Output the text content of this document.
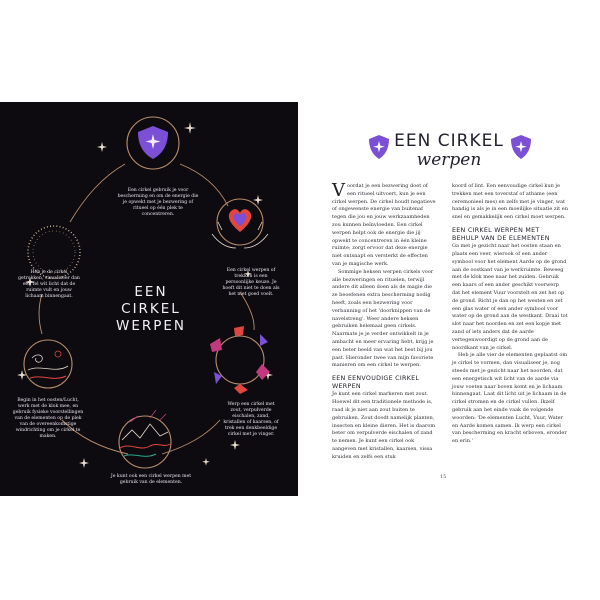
Een cirkel gebruik je voor bescherming en om de energie die je opwekt met je bezwering of ritueel op één plek te concentreren.
Een cirkel werpen of trekken is een persoonlijke keuze. Je hoeft dit niet te doen als het niet goed voelt.
Werp een cirkel met zout, verpulverde eischalen, zand, kristallen of kaarsen, of trek een denkbeeldige cirkel met je vinger.
Je kunt ook een cirkel werpen met gebruik van de elementen.
Begin in het oosten/Lucht, werk met de klok mee, en gebruik fysieke voorstellingen van de elementen op de plek van de overeenkomstige windrichting om je cirkel te maken.
Heb je de cirkel getrokken, visualiseer dan een fel wit licht dat de ruimte vult en jouw lichaam binnengaat.	EEN CIRKEL
WERPEN
EEN CIRKEL
werpen

Voordat je een bezwering doet of een ritueel uitvoert, kun je een cirkel werpen. De cirkel houdt negatieve of ongewenste energie van buitenaf tegen die jou en jouw werkzaamheden zou kunnen beïnvloeden. Een cirkel werpen helpt ook de energie die jij opwekt te concentreren in één kleine ruimte; zorgt ervoor dat deze energie niet ontsnapt en versterkt de effecten van je magische werk.

Sommige heksen werpen cirkels voor alle bezweringen en rituelen, terwijl andere dit alleen doen als de magie die ze beoefenen extra bescherming nodig heeft, zoals een bezwering voor verbanning of het 'doorknippen van de navelstreng'. Weer andere heksen gebruiken helemaal geen cirkels. Naarmate je je verder ontwikkelt in je ambacht en meer ervaring hebt, krijg je een beter beeld van wat het best bij jou past. Hieronder twee van mijn favoriete manieren om een cirkel te werpen.

EEN EENVOUDIGE CIRKEL WERPEN

Je kunt een cirkel markeren met zout. Hoewel dit een traditionele methode is, raad ik je niet aan zout buiten te gebruiken. Zout doodt namelijk planten, insecten en kleine dieren. Het is daarom beter om verpulverde eischalen of zand te nemen. Je kunt een cirkel ook aangeven met kristallen, kaarsen, vissa kruiden en zelfs een stuk

koord of lint. Een eenvoudige cirkel kun je trekken met een toverstaf of athame (een ceremonieel mes) en zelfs met je vinger, wat handig is als je in een moeilijke situatie zit en snel en gemakkelijk een cirkel moet werpen.

EEN CIRKEL WERPEN MET BEHULP VAN DE ELEMENTEN

Ga met je gezicht naar het oosten staan en plaats een veer, wierook of een ander symbool voor het element Aarde op de grond aan de oostkant van je werkruimte. Beweeg met de klok mee naar het zuiden. Gebruik een kaars of een ander geschikt voorwerp dat het element Vuur voorstelt en zet het op de grond. Richt je dan op het westen en zet een glas water of een ander symbool voor water op de grond aan de westkant. Draai tot slot naar het noorden en zet een kopje met zand of iets anders dat de aarde vertegenwoordigt op de grond aan de noordkant van je cirkel.

Heb je alle vier de elementen geplaatst om je cirkel te vormen, dan visualiseer je, nog steeds met je gezicht naar het noorden, dat een energetisch wit licht van de aarde via jouw voeten naar boven komt en je lichaam binnengaat. Laat dit licht uit je lichaam in de cirkel stromen en de cirkel vullen. Ikzelf gebruik aan het einde vaak de volgende woorden: 'De elementen Lucht, Vuur, Water en Aarde komen samen. Ik werp een cirkel van bescherming en kracht erboven, eronder en erin.'

15
